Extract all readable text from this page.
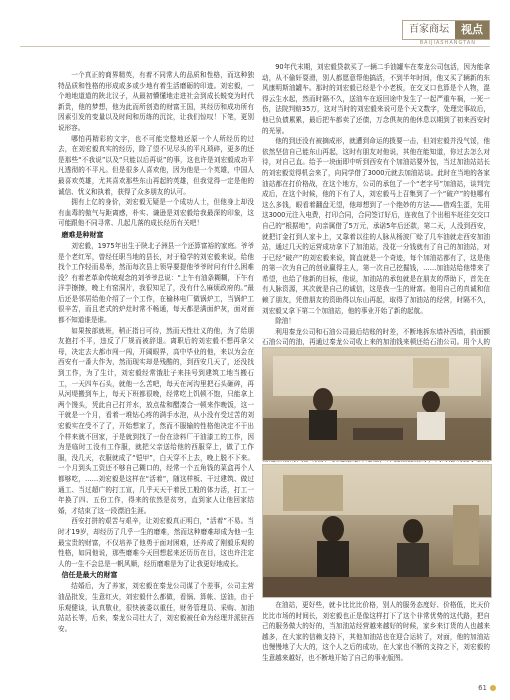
百家商坛	视点
BAIJIASHANGTAN

一个真正的商界精英，有着不同常人的品质和性格，而这种独特品质和性格的形成或多或少地有着生活磨砺的印迹。刘宏毅，一个地地道道的陕北汉子，从最初懵懂地走进社会到成长蜕变为时代新贵，他的梦想，他为此而所创造的财富王国，其经历和成功所有因素引发的变量以及时间和历练的沉淀，让我们惊叹！下笔，更别说形容。

哪怕再精彩的文字，也不可能完整地还原一个人所经历的过去，在刘宏毅真实的经历，除了望不见尽头的平凡琐碎，更多的还是那些“不我说”以及“只能以后再说”的事，这也许是刘宏毅成功平凡透彻的不平凡。但是很多人喜欢他，因为他是一个英雄，中国人最喜欢英雄，尤其喜欢那些东山再起的英雄，但我觉得一定是他的诚信、忧义和执着，获得了众多朋友的认可。

拥有上亿的身价，刘宏毅无疑是一个成功人士，但他身上却没有血毒的傲气与距离感，朴实、谦逊是刘宏毅给我最深的印象，这可能跟他不同寻常、几起几落的成长经历有关吧！

磨难是种财富

刘宏毅，1975年出生于陕北子洲县一个还算富裕的家庭。爷爷是个老红军，曾经任职当地的县长，对于稳学的刘宏毅来说，给他找个工作轻而易举，然而每次县上领导要提他爷爷时问有什么困难没？有着老革命传统观念的刘爷爷总说：“上午有油条糊糊，下午有洋芋擦擦，晚上有窑洞片，我很知足了，没有什么麻烦政府的。”最后还是邻居给他介绍了一个工作，在榆林电厂做锅炉工，当锅炉工很辛苦，而且老式的炉灶时常不畅通，每天都是满面炉灰，面对面都不知道谁是谁。

如果按部就班，稍正指日可待，然而天性壮义的他，为了给朋友抱打不平，违反了厂规而被辞退。离职后的刘宏毅不想再拿父母，决定去大都市闯一闯，开阔眼界，高中毕业的他，来以为会在西安有一番大作为，然而现实却是残酷的，到西安几天了，还没找到工作，为了生计，刘宏毅经常饿肚子来挂号到建筑工地当搬石工，一天四车石头，就他一么苦吧，每天在河沟里把石头砸碎，再从河堤搬到车上，每天下班都很晚，经常吃上饥顿不饱，只能拿上两个馒头，凭此自己打并水，放点盐和醋凑合一顿来作晚饭，这一干就是一个月，看着一堆钻心疼的满手水泡，从小没有受过苦的刘宏毅实在受不了了，开始想家了，然而不服输的性格他决定不干出个样来就不回家，于是就到找了一份在涂料厂干油漆工的工作，因为是临时工没有工作服，就把父亲送给他的西服穿上，做了工作服，没几天，衣服就成了“铠甲”，白天穿不上去，晚上脱不下来。一个月到头工资还不够自己糊口的，经常一个五角钱的菜盒再个人都够吃，……刘宏毅是这样在“活着”，随这样板、干过建筑、做过通工、当过超广的打工宣，几乎天天干着民工般的体力活，打工一年换了四、五份工作，得来的依然是贫穷，直到家人让他回家结婚，才结束了这一段漂泊生涯。

西安打拼的艰苦与艰辛，让刘宏毅真正明白，“活着”不易。当时才19岁，却经历了几乎一生的磨难，然而这种磨难却成为他一生最宝贵的财富，不仅培养了他勇于面对困难，还养成了刚毅乐观的性格，如同他说，那些磨难今天回想起来还历历在目，这也许注定人的一生不会总是一帆风顺，经历磨难是为了让我更好地成长。

信任是最大的财富

结婚后，为了养家，刘宏毅在秦龙公司谋了个差事，公司主营油品批发，生意红火，刘宏毅什么都做，看锅、算帐、送油，由于乐观健谈，认真敬业，很快被委以重任，财务管理员、采购、加油站站长等，后来，秦龙公司壮大了，刘宏毅被任命为经理并派驻西安。

90年代末期，刘宏毅贷款买了一辆二手油罐车在秦龙公司包活，因为能拿动，从不偷奸耍滑，别人都愿意帮他搞活，不到半年时间，他又买了辆新的东风康明斯油罐车。那时的刘宏毅已经是个小老板，在交叉口也算是个人物，混得云生水起，然而时隔不久，送油车在返回途中发生了一起严重车祸，一死一伤，法院判赔35万，这对当时的刘宏毅来说可是个天文数字，处理完事故后，他已负债累累，最后把车都卖了还债，万念俱灰的他休息以期到了初来西安时的光景。

他的到还没有被摘成形，就遭到命运的拨要一击，但刘宏毅并没气馁，他依然坚信自己能东山再起，这时有朋友对他说，其他在能知道，你过去怎么对待，对自己直。给予一块面即中听到西安有个加油站要外包，当过加油站站长的刘宏毅觉得机会来了，向同学借了3000元就去加油站谈。此时在当地的各家油站都在打价格战，在这个地方，公司的承包了一个“老字号”加油站，谈判完成后，在这个时候，他的下有了人，刘宏毅马上召集到了一个“破产”的他哪有这么多钱，眼看着翻盘无望，他却想到了一个绝妙的方法——借鸡生蛋，先用这3000元注入电费，打印合同，合同签订好后，连夜包了个出租车赶往交交口自己的“根据地”，向亲属借了5万元，承诺5年后还款，第二天，人没到西安，就把订金打到人家卡上，又靠着以往的人脉从杨波厂赊了几车油就走西安加油站，通过几天的运营成功拿下了加油站，没花一分钱就有了自己的加油站，对于已经“破产”的刘宏毅来说，简直就是一个奇迹，每个加油站都有了，这是他的第一次为自己的创业赢得主人，第一次自己挖掘钱，……加油站给他带来了希望，也给了他新的目标，他说，加油站的承包就是在朋友的帮助下，首先在有人脉资源，其次就是自己的诚信，这是我一生的财富。他用自己的真诚和信赖了朋友，凭借朋友的资助得以东山再起，取得了加油站的经营，时隔不久，刘宏毅又拿下第二个加油站，他的事业开始了新的起航。

除油！

利用秦龙公司和石油公司最后结账的时差，不断地拆东墙补西墙，前面额石油公司的油，再通过秦龙公司收上来的加油钱来顿还给石油公司。用个人的

在油站，更好些，就卡比比比价格，别人的服务态度好、价格低，比天价比比市场的时间长，刘宏毅也正是像这样打下了这个非常优势的这代路，把自己的服务做大的好的，当加油站经营越来越好的时候，家乡来订货的人也越来越多，在大家的信赖支持下，其他加油站也在迎合运转了，对面，他的加油站也慢慢地了大大的，这个人之后的成功，在大家也不断的支持之下，刘宏毅的生意越来越好，也不断地开始了自己的事业版图。

61
